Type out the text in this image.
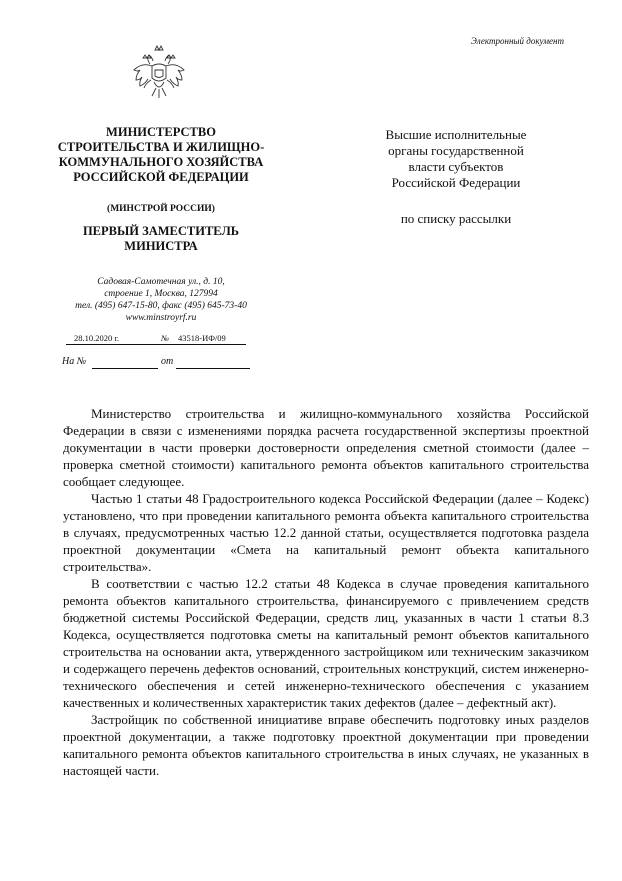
Электронный документ
МИНИСТЕРСТВО
СТРОИТЕЛЬСТВА И ЖИЛИЩНО-
КОММУНАЛЬНОГО ХОЗЯЙСТВА
РОССИЙСКОЙ ФЕДЕРАЦИИ
(МИНСТРОЙ РОССИИ)
ПЕРВЫЙ ЗАМЕСТИТЕЛЬ
МИНИСТРА
Садовая-Самотечная ул., д. 10,
строение 1, Москва, 127994
тел. (495) 647-15-80, факс (495) 645-73-40
www.minstroyrf.ru
28.10.2020 г.	№ 43518-ИФ/09
На №	от
Высшие исполнительные
органы государственной
власти субъектов
Российской Федерации
по списку рассылки

Министерство строительства и жилищно-коммунального хозяйства Российской Федерации в связи с изменениями порядка расчета государственной экспертизы проектной документации в части проверки достоверности определения сметной стоимости (далее – проверка сметной стоимости) капитального ремонта объектов капитального строительства сообщает следующее.

Частью 1 статьи 48 Градостроительного кодекса Российской Федерации (далее – Кодекс) установлено, что при проведении капитального ремонта объекта капитального строительства в случаях, предусмотренных частью 12.2 данной статьи, осуществляется подготовка раздела проектной документации «Смета на капитальный ремонт объекта капитального строительства».

В соответствии с частью 12.2 статьи 48 Кодекса в случае проведения капитального ремонта объектов капитального строительства, финансируемого с привлечением средств бюджетной системы Российской Федерации, средств лиц, указанных в части 1 статьи 8.3 Кодекса, осуществляется подготовка сметы на капитальный ремонт объектов капитального строительства на основании акта, утвержденного застройщиком или техническим заказчиком и содержащего перечень дефектов оснований, строительных конструкций, систем инженерно-технического обеспечения и сетей инженерно-технического обеспечения с указанием качественных и количественных характеристик таких дефектов (далее – дефектный акт).

Застройщик по собственной инициативе вправе обеспечить подготовку иных разделов проектной документации, а также подготовку проектной документации при проведении капитального ремонта объектов капитального строительства в иных случаях, не указанных в настоящей части.
